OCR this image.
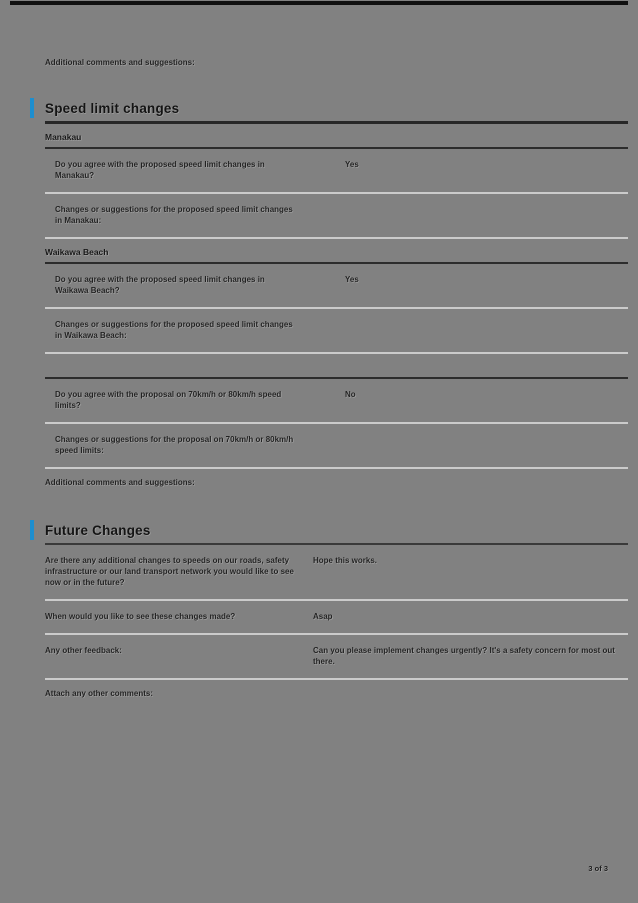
Additional comments and suggestions:
Speed limit changes
Manakau
Do you agree with the proposed speed limit changes in Manakau?
Yes
Changes or suggestions for the proposed speed limit changes in Manakau:
Waikawa Beach
Do you agree with the proposed speed limit changes in Waikawa Beach?
Yes
Changes or suggestions for the proposed speed limit changes in Waikawa Beach:
Do you agree with the proposal on 70km/h or 80km/h speed limits?
No
Changes or suggestions for the proposal on 70km/h or 80km/h speed limits:
Additional comments and suggestions:
Future Changes
Are there any additional changes to speeds on our roads, safety infrastructure or our land transport network you would like to see now or in the future?
Hope this works.
When would you like to see these changes made?	Asap
Any other feedback:	Can you please implement changes urgently? It's a safety concern for most out there.
Attach any other comments:
3 of 3
